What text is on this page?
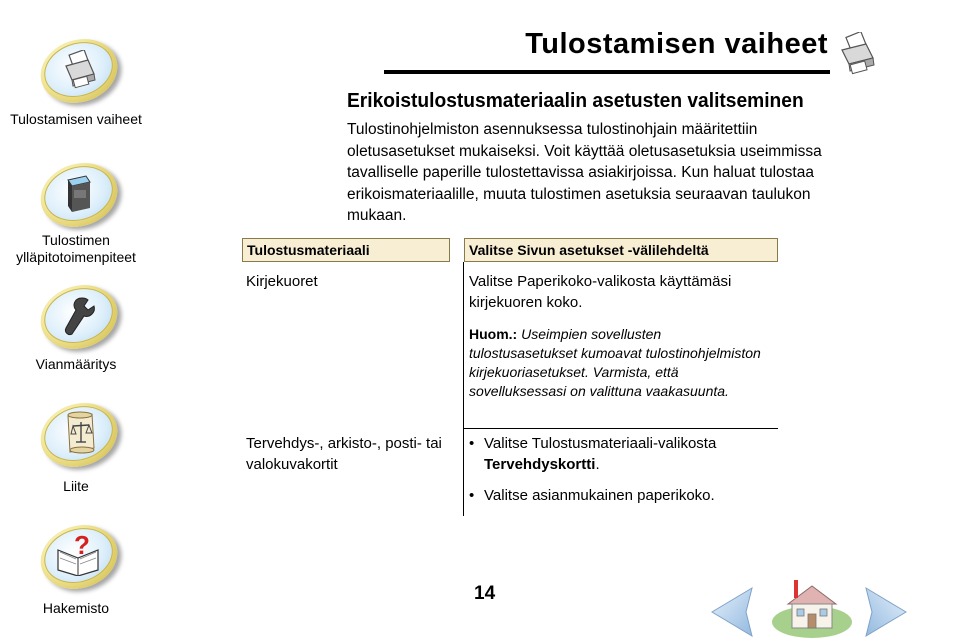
Tulostamisen vaiheet
Tulostimen ylläpitotoimenpiteet
Vianmääritys
Liite
?
Hakemisto
Tulostamisen vaiheet
Erikoistulostusmateriaalin asetusten valitseminen
Tulostinohjelmiston asennuksessa tulostinohjain määritettiin oletusasetukset mukaiseksi. Voit käyttää oletusasetuksia useimmissa tavalliselle paperille tulostettavissa asiakirjoissa. Kun haluat tulostaa erikoismateriaalille, muuta tulostimen asetuksia seuraavan taulukon mukaan.
Tulostusmateriaali	Valitse Sivun asetukset -välilehdeltä
Kirjekuoret	Valitse Paperikoko-valikosta käyttämäsi kirjekuoren koko.
Huom.: Useimpien sovellusten tulostusasetukset kumoavat tulostinohjelmiston kirjekuoriasetukset. Varmista, että sovelluksessasi on valittuna vaakasuunta.
Tervehdys-, arkisto-, posti- tai valokuvakortit
• Valitse Tulostusmateriaali-valikosta Tervehdyskortti.
• Valitse asianmukainen paperikoko.
14
